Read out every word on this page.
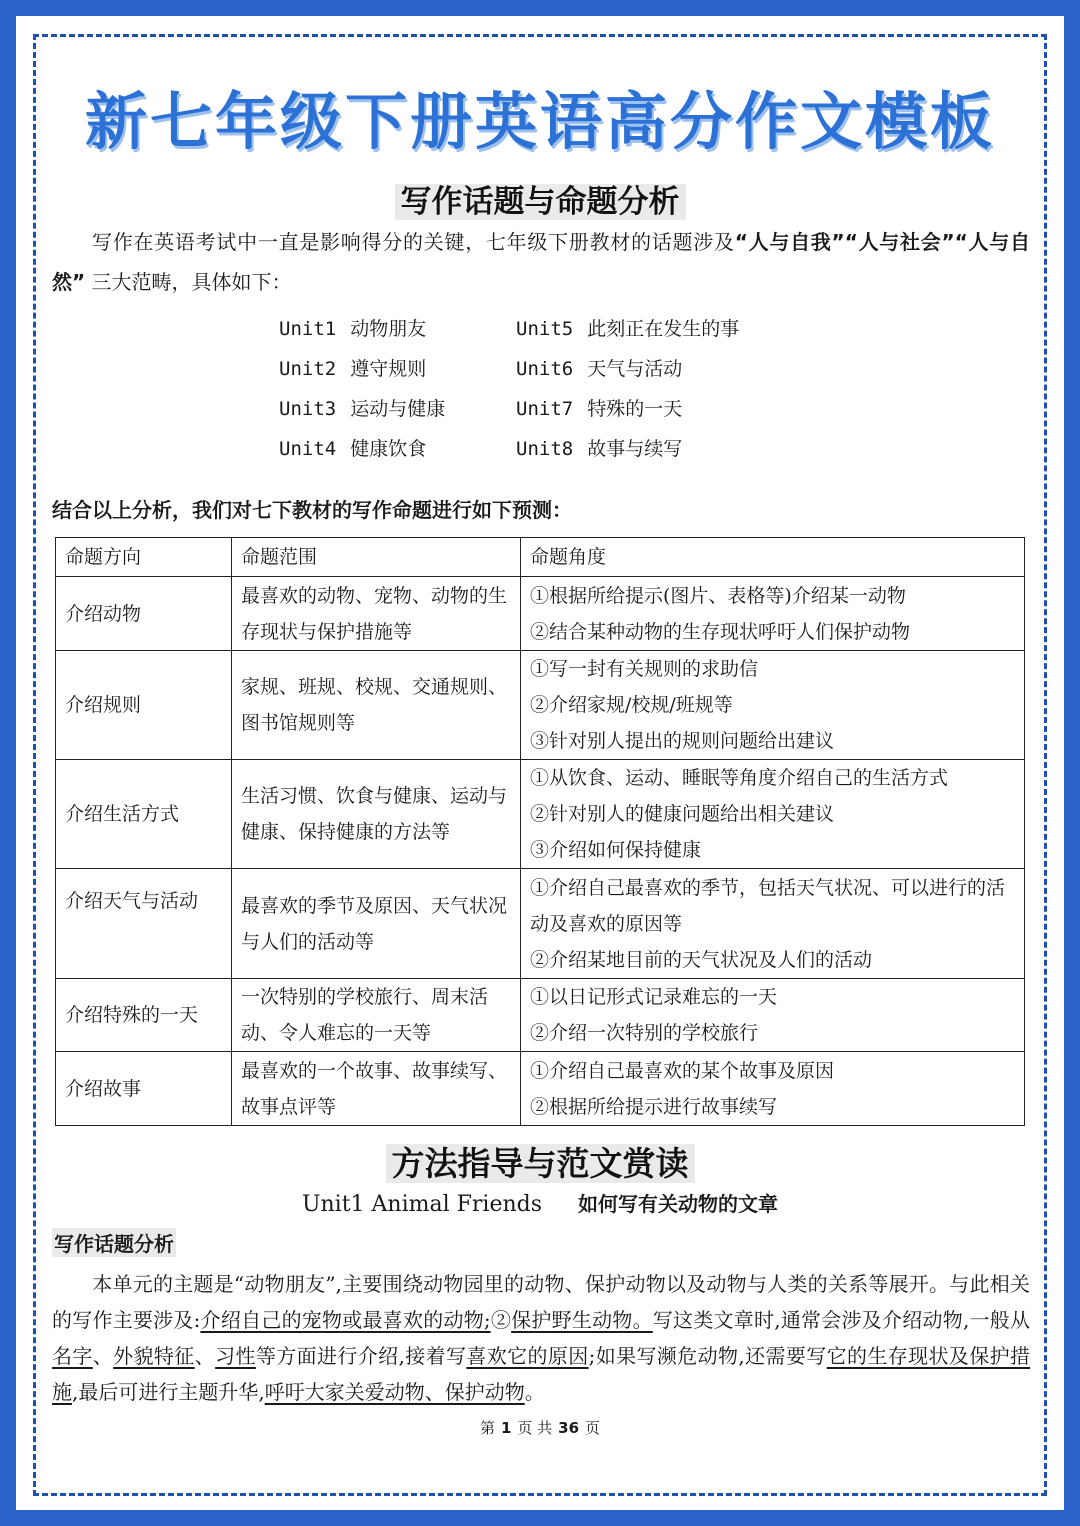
新七年级下册英语高分作文模板
写作话题与命题分析
写作在英语考试中一直是影响得分的关键，七年级下册教材的话题涉及“人与自我”“人与社会”“人与自然” 三大范畴，具体如下：
Unit1 动物朋友
Unit2 遵守规则
Unit3 运动与健康
Unit4 健康饮食
Unit5 此刻正在发生的事
Unit6 天气与活动
Unit7 特殊的一天
Unit8 故事与续写
结合以上分析，我们对七下教材的写作命题进行如下预测：
命题方向	命题范围	命题角度
介绍动物	最喜欢的动物、宠物、动物的生存现状与保护措施等	①根据所给提示(图片、表格等)介绍某一动物
②结合某种动物的生存现状呼吁人们保护动物

介绍规则	家规、班规、校规、交通规则、图书馆规则等	①写一封有关规则的求助信
②介绍家规/校规/班规等
③针对别人提出的规则问题给出建议

介绍生活方式	生活习惯、饮食与健康、运动与健康、保持健康的方法等	①从饮食、运动、睡眠等角度介绍自己的生活方式
②针对别人的健康问题给出相关建议
③介绍如何保持健康

介绍天气与活动	最喜欢的季节及原因、天气状况与人们的活动等	①介绍自己最喜欢的季节，包括天气状况、可以进行的活动及喜欢的原因等
②介绍某地目前的天气状况及人们的活动

介绍特殊的一天	一次特别的学校旅行、周末活动、令人难忘的一天等	①以日记形式记录难忘的一天
②介绍一次特别的学校旅行

介绍故事	最喜欢的一个故事、故事续写、故事点评等	①介绍自己最喜欢的某个故事及原因
②根据所给提示进行故事续写
方法指导与范文赏读
Unit1 Animal Friends 如何写有关动物的文章
写作话题分析
本单元的主题是“动物朋友”,主要围绕动物园里的动物、保护动物以及动物与人类的关系等展开。与此相关的写作主要涉及:介绍自己的宠物或最喜欢的动物;②保护野生动物。写这类文章时,通常会涉及介绍动物,一般从名字、外貌特征、习性等方面进行介绍,接着写喜欢它的原因;如果写濒危动物,还需要写它的生存现状及保护措施,最后可进行主题升华,呼吁大家关爱动物、保护动物。
第 1 页 共 36 页
